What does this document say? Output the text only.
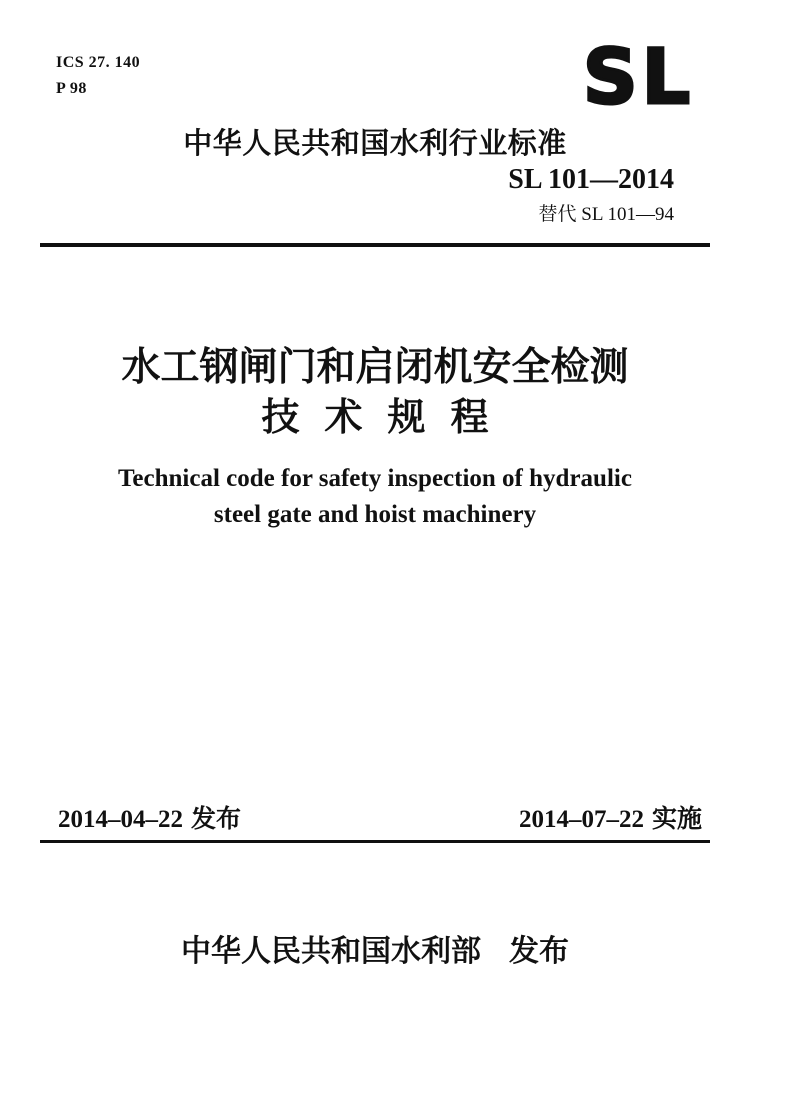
ICS 27. 140
P 98	SL
中华人民共和国水利行业标准
SL 101—2014
替代 SL 101—94
水工钢闸门和启闭机安全检测
技术规程
Technical code for safety inspection of hydraulic
steel gate and hoist machinery
2014–04–22 发布	2014–07–22 实施
中华人民共和国水利部 发布
